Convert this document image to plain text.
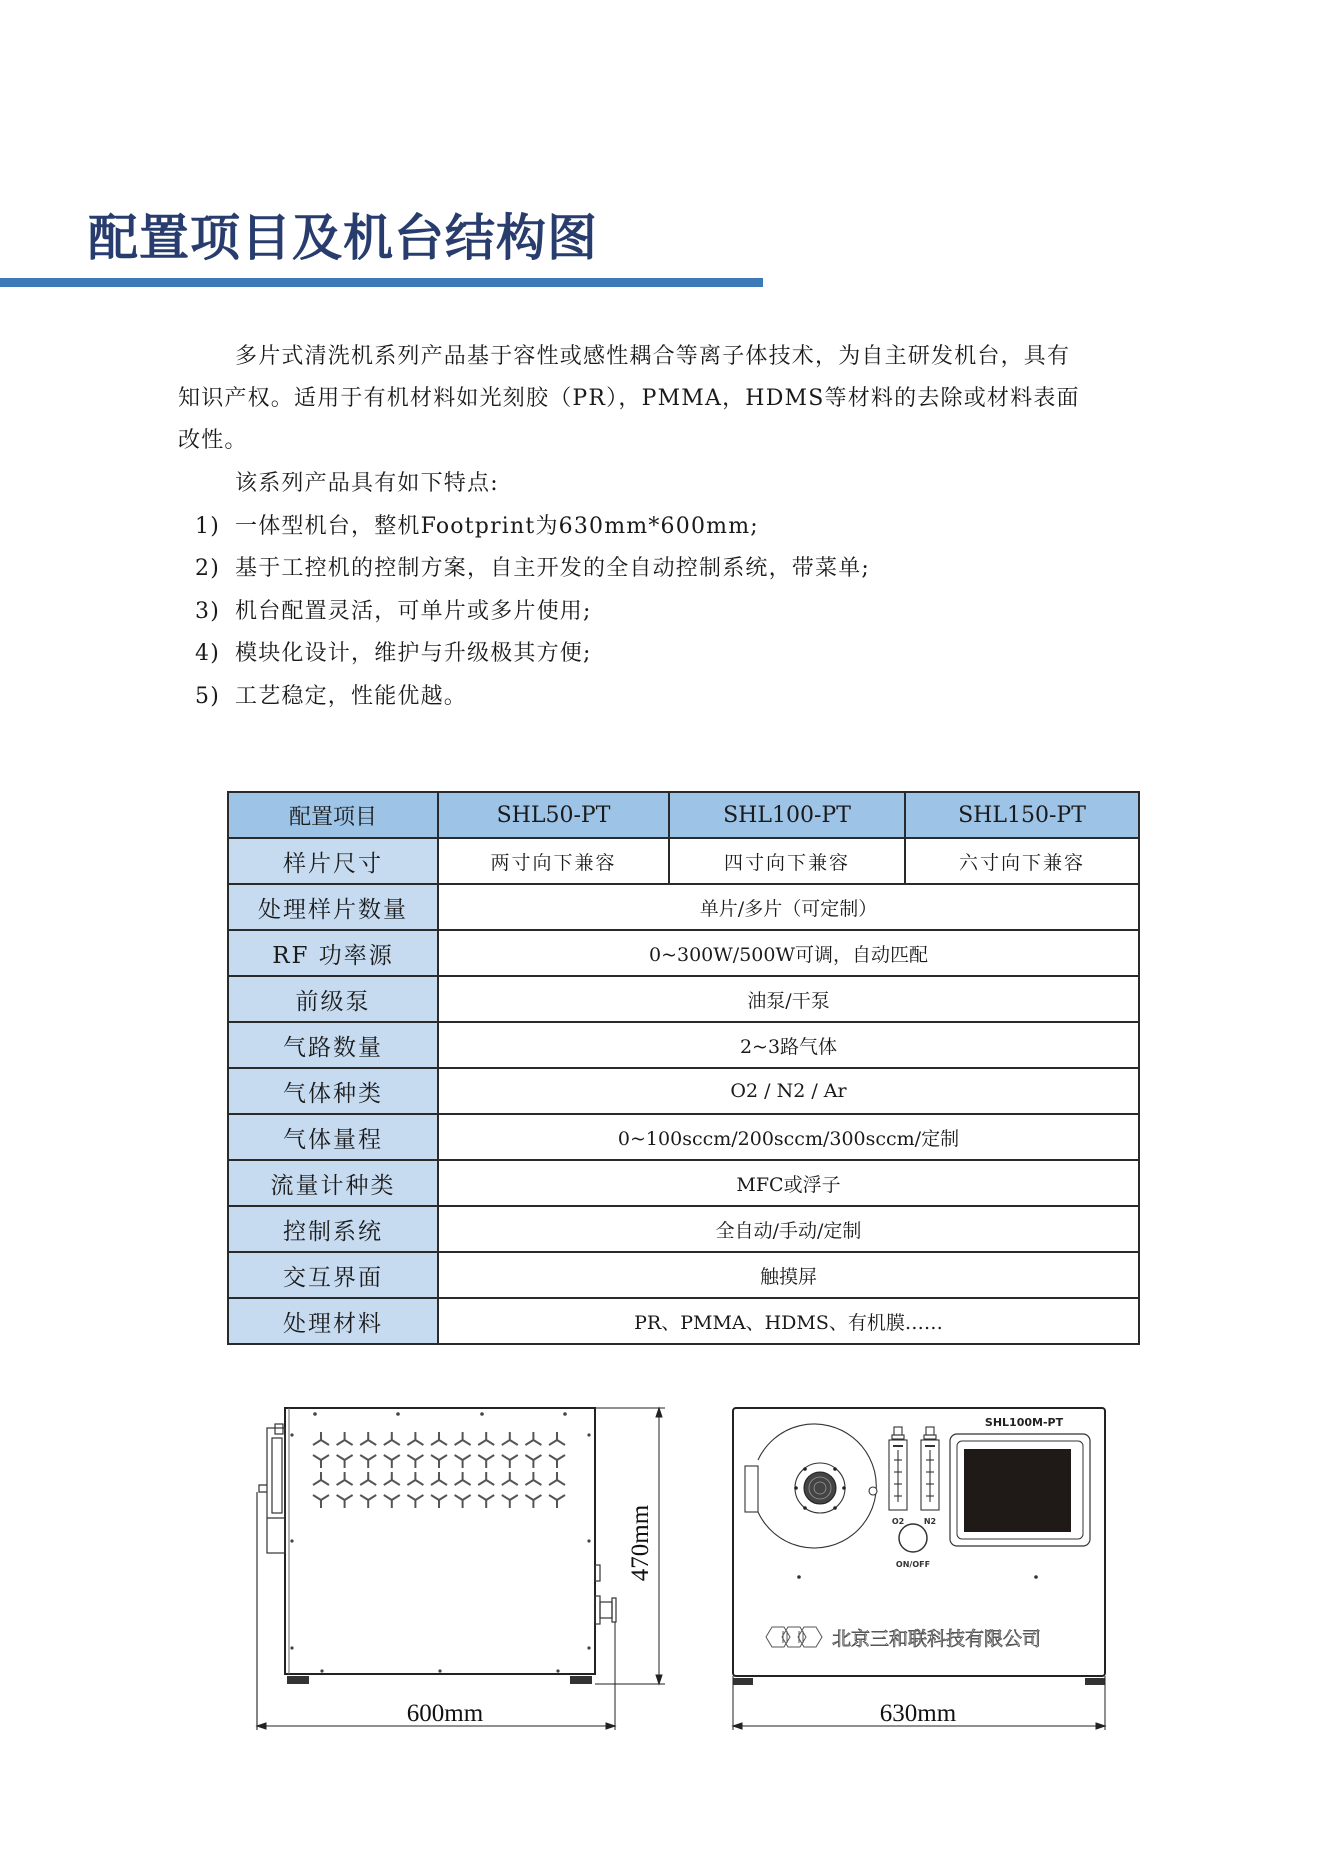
配置项目及机台结构图
多片式清洗机系列产品基于容性或感性耦合等离子体技术，为自主研发机台，具有
知识产权。适用于有机材料如光刻胶（PR），PMMA，HDMS等材料的去除或材料表面
改性。
该系列产品具有如下特点:
1) 一体型机台，整机Footprint为630mm*600mm;
2) 基于工控机的控制方案，自主开发的全自动控制系统，带菜单;
3) 机台配置灵活，可单片或多片使用;
4) 模块化设计，维护与升级极其方便;
5) 工艺稳定，性能优越。
配置项目	SHL50-PT	SHL100-PT	SHL150-PT
样片尺寸	两寸向下兼容	四寸向下兼容	六寸向下兼容
处理样片数量	单片/多片（可定制）		
RF 功率源	0~300W/500W可调，自动匹配		
前级泵	油泵/干泵		
气路数量	2~3路气体		
气体种类	O2 / N2 / Ar		
气体量程	0~100sccm/200sccm/300sccm/定制		
流量计种类	MFC或浮子		
控制系统	全自动/手动/定制		
交互界面	触摸屏		
处理材料	PR、PMMA、HDMS、有机膜……		
600mm
470mm	O2 N2
ON/OFF
SHL100M-PT
北京三和联科技有限公司
630mm
